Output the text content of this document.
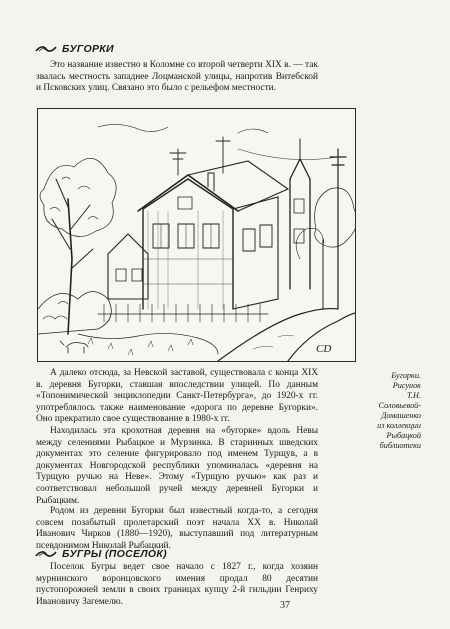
БУГОРКИ

Это название известно в Коломне со второй четверти XIX в. — так звалась местность западнее Лоцманской улицы, напротив Витебской и Псковских улиц. Связано это было с рельефом местности.

СD
Бугорки.
Рисунок
Т.Н. Соловьевой-
Домашенко
из коллекции
Рыбацкой
библиотеки

А далеко отсюда, за Невской заставой, существовала с конца XIX в. деревня Бугорки, ставшая впоследствии улицей. По данным «Топонимической энциклопедии Санкт-Петербурга», до 1920-х гг. употреблялось также наименование «дорога по деревне Бугорки». Оно прекратило свое существование в 1980-х гг.

Находилась эта крохотная деревня на «бугорке» вдоль Невы между селениями Рыбацкое и Мурзинка. В старинных шведских документах это селение фигурировало под именем Турщув, а в документах Новгородской республики упоминалась «деревня на Турщую ручью на Неве». Этому «Турщую ручью» как раз и соответствовал небольшой ручей между деревней Бугорки и Рыбацким.

Родом из деревни Бугорки был известный когда-то, а сегодня совсем позабытый пролетарский поэт начала XX в. Николай Иванович Чирков (1880—1920), выступавший под литературным псевдонимом Николай Рыбацкий.

БУГРЫ (ПОСЕЛОК)

Поселок Бугры ведет свое начало с 1827 г., когда хозяин мурнинского воронцовского имения продал 80 десятин пустопорожней земли в своих границах купцу 2-й гильдии Генриху Ивановичу Загемелю.	37
